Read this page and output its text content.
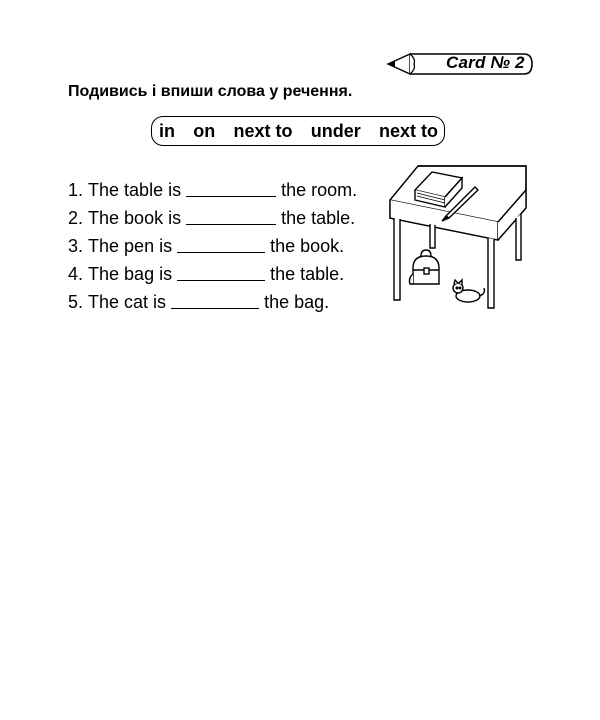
Card № 2
Подивись і впиши слова у речення.
in on next to under next to
1.
The table is	the room.
2.
The book is	the table.
3.
The pen is	the book.
4.
The bag is	the table.
5.
The cat is	the bag.
